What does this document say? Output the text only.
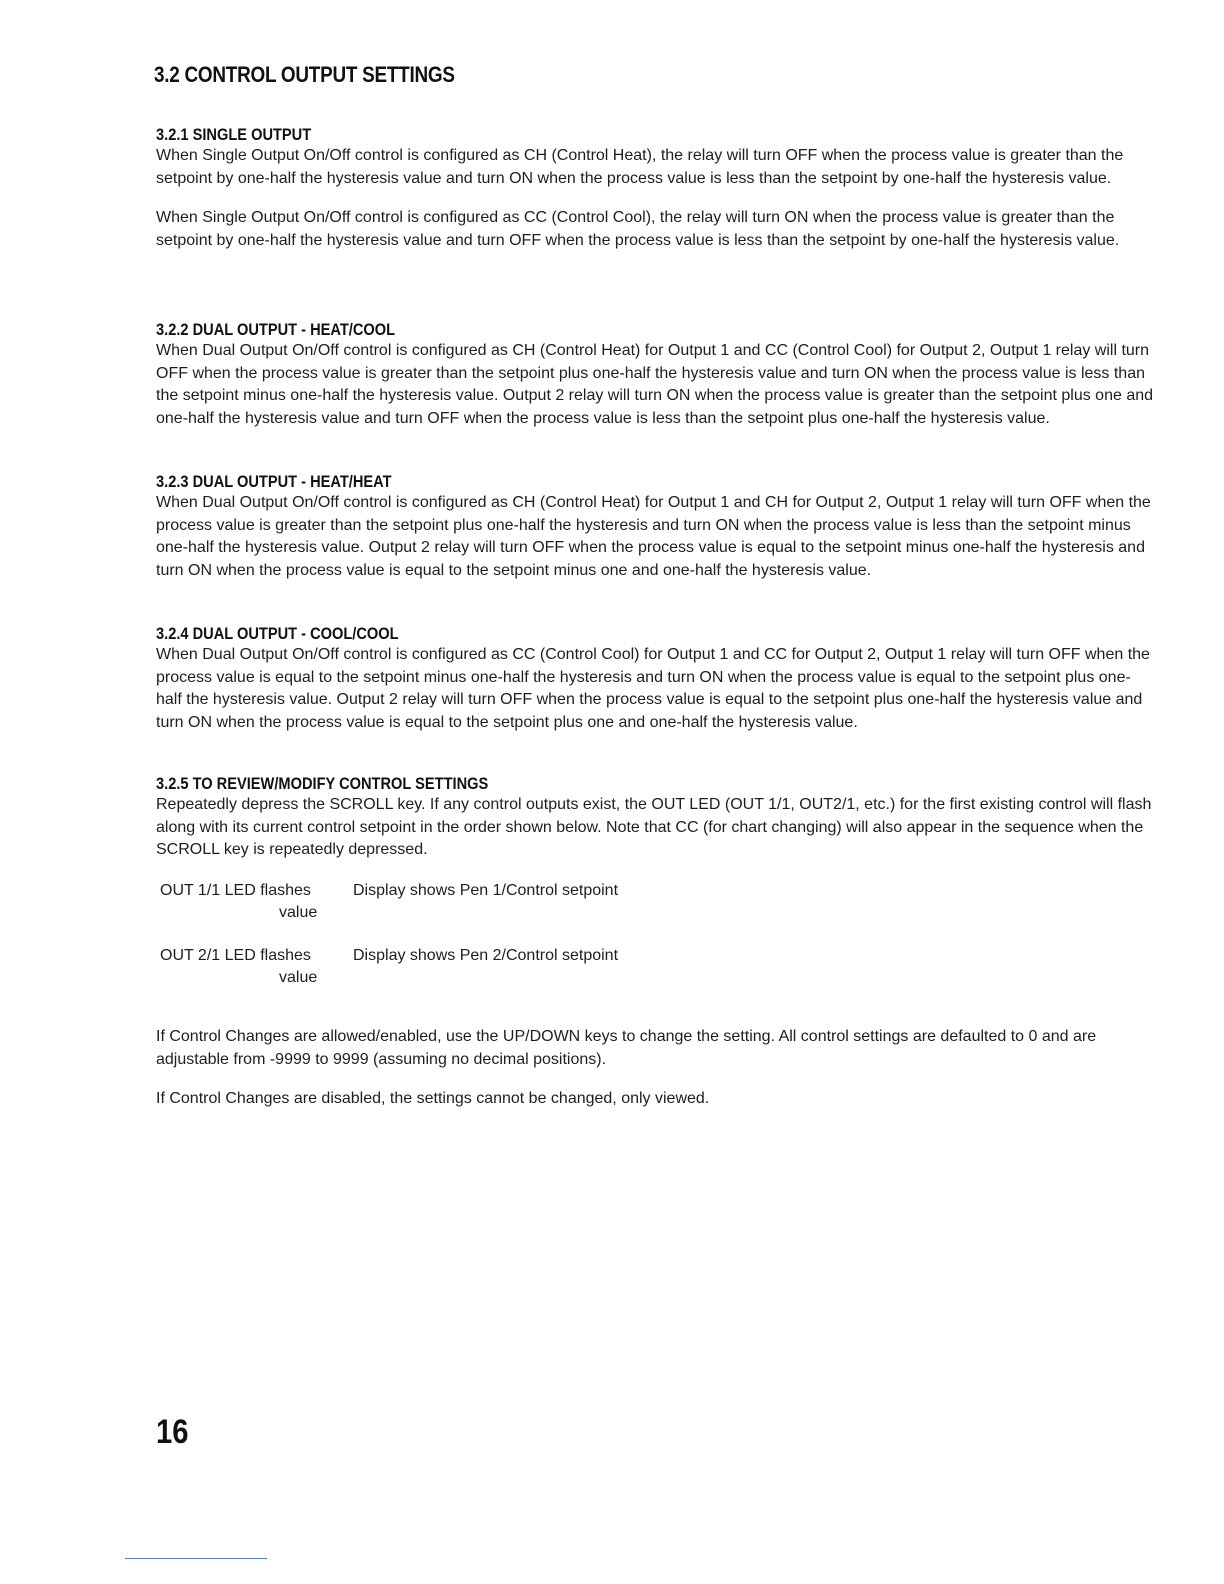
3.2 CONTROL OUTPUT SETTINGS
3.2.1 SINGLE OUTPUT

When Single Output On/Off control is configured as CH (Control Heat), the relay will turn OFF when the process value is greater than the setpoint by one-half the hysteresis value and turn ON when the process value is less than the setpoint by one-half the hysteresis value.

When Single Output On/Off control is configured as CC (Control Cool), the relay will turn ON when the process value is greater than the setpoint by one-half the hysteresis value and turn OFF when the process value is less than the setpoint by one-half the hysteresis value.

3.2.2 DUAL OUTPUT - HEAT/COOL

When Dual Output On/Off control is configured as CH (Control Heat) for Output 1 and CC (Control Cool) for Output 2, Output 1 relay will turn OFF when the process value is greater than the setpoint plus one-half the hysteresis value and turn ON when the process value is less than the setpoint minus one-half the hysteresis value. Output 2 relay will turn ON when the process value is greater than the setpoint plus one and one-half the hysteresis value and turn OFF when the process value is less than the setpoint plus one-half the hysteresis value.

3.2.3 DUAL OUTPUT - HEAT/HEAT

When Dual Output On/Off control is configured as CH (Control Heat) for Output 1 and CH for Output 2, Output 1 relay will turn OFF when the process value is greater than the setpoint plus one-half the hysteresis and turn ON when the process value is less than the setpoint minus one-half the hysteresis value. Output 2 relay will turn OFF when the process value is equal to the setpoint minus one-half the hysteresis and turn ON when the process value is equal to the setpoint minus one and one-half the hysteresis value.

3.2.4 DUAL OUTPUT - COOL/COOL

When Dual Output On/Off control is configured as CC (Control Cool) for Output 1 and CC for Output 2, Output 1 relay will turn OFF when the process value is equal to the setpoint minus one-half the hysteresis and turn ON when the process value is equal to the setpoint plus one-half the hysteresis value. Output 2 relay will turn OFF when the process value is equal to the setpoint plus one-half the hysteresis value and turn ON when the process value is equal to the setpoint plus one and one-half the hysteresis value.

3.2.5 TO REVIEW/MODIFY CONTROL SETTINGS

Repeatedly depress the SCROLL key. If any control outputs exist, the OUT LED (OUT 1/1, OUT2/1, etc.) for the first existing control will flash along with its current control setpoint in the order shown below. Note that CC (for chart changing) will also appear in the sequence when the SCROLL key is repeatedly depressed.

OUT 1/1 LED flashes	Display shows Pen 1/Control setpoint
value
OUT 2/1 LED flashes	Display shows Pen 2/Control setpoint
value

If Control Changes are allowed/enabled, use the UP/DOWN keys to change the setting. All control settings are defaulted to 0 and are adjustable from -9999 to 9999 (assuming no decimal positions).

If Control Changes are disabled, the settings cannot be changed, only viewed.

16
